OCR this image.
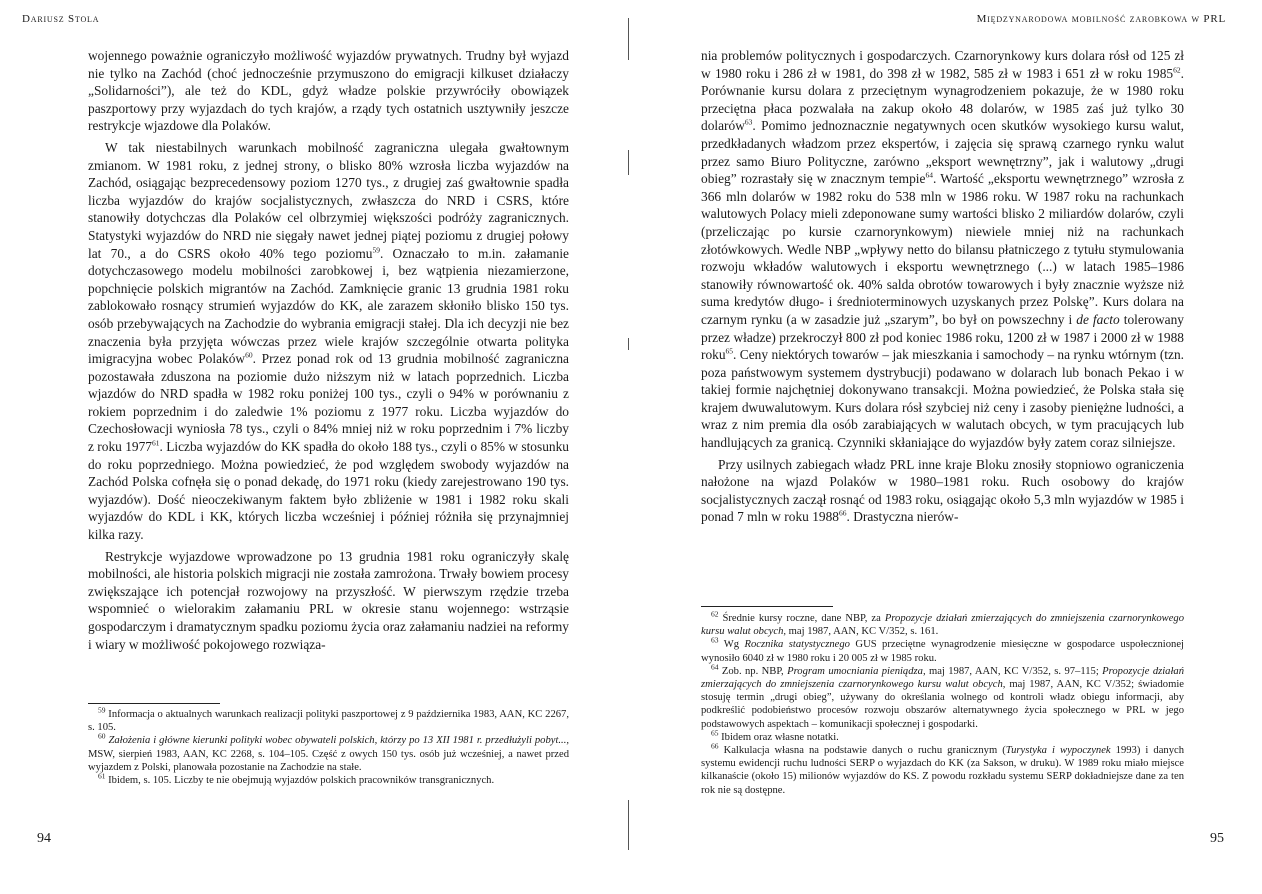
Dariusz Stola

wojennego poważnie ograniczyło możliwość wyjazdów prywatnych. Trudny był wyjazd nie tylko na Zachód (choć jednocześnie przymuszono do emigracji kilkuset działaczy „Solidarności”), ale też do KDL, gdyż władze polskie przywróciły obowiązek paszportowy przy wyjazdach do tych krajów, a rządy tych ostatnich usztywniły jeszcze restrykcje wjazdowe dla Polaków.

W tak niestabilnych warunkach mobilność zagraniczna ulegała gwałtownym zmianom. W 1981 roku, z jednej strony, o blisko 80% wzrosła liczba wyjazdów na Zachód, osiągając bezprecedensowy poziom 1270 tys., z drugiej zaś gwałtownie spadła liczba wyjazdów do krajów socjalistycznych, zwłaszcza do NRD i CSRS, które stanowiły dotychczas dla Polaków cel olbrzymiej większości podróży zagranicznych. Statystyki wyjazdów do NRD nie sięgały nawet jednej piątej poziomu z drugiej połowy lat 70., a do CSRS około 40% tego poziomu$^{59}$. Oznaczało to m.in. załamanie dotychczasowego modelu mobilności zarobkowej i, bez wątpienia niezamierzone, popchnięcie polskich migrantów na Zachód. Zamknięcie granic 13 grudnia 1981 roku zablokowało rosnący strumień wyjazdów do KK, ale zarazem skłoniło blisko 150 tys. osób przebywających na Zachodzie do wybrania emigracji stałej. Dla ich decyzji nie bez znaczenia była przyjęta wówczas przez wiele krajów szczególnie otwarta polityka imigracyjna wobec Polaków$^{60}$. Przez ponad rok od 13 grudnia mobilność zagraniczna pozostawała zduszona na poziomie dużo niższym niż w latach poprzednich. Liczba wjazdów do NRD spadła w 1982 roku poniżej 100 tys., czyli o 94% w porównaniu z rokiem poprzednim i do zaledwie 1% poziomu z 1977 roku. Liczba wyjazdów do Czechosłowacji wyniosła 78 tys., czyli o 84% mniej niż w roku poprzednim i 7% liczby z roku 1977$^{61}$. Liczba wyjazdów do KK spadła do około 188 tys., czyli o 85% w stosunku do roku poprzedniego. Można powiedzieć, że pod względem swobody wyjazdów na Zachód Polska cofnęła się o ponad dekadę, do 1971 roku (kiedy zarejestrowano 190 tys. wyjazdów). Dość nieoczekiwanym faktem było zbliżenie w 1981 i 1982 roku skali wyjazdów do KDL i KK, których liczba wcześniej i później różniła się przynajmniej kilka razy.

Restrykcje wyjazdowe wprowadzone po 13 grudnia 1981 roku ograniczyły skalę mobilności, ale historia polskich migracji nie została zamrożona. Trwały bowiem procesy zwiększające ich potencjał rozwojowy na przyszłość. W pierwszym rzędzie trzeba wspomnieć o wielorakim załamaniu PRL w okresie stanu wojennego: wstrząsie gospodarczym i dramatycznym spadku poziomu życia oraz załamaniu nadziei na reformy i wiary w możliwość pokojowego rozwiąza-

$^{59}$ Informacja o aktualnych warunkach realizacji polityki paszportowej z 9 października 1983, AAN, KC 2267, s. 105.

$^{60}$ Założenia i główne kierunki polityki wobec obywateli polskich, którzy po 13 XII 1981 r. przedłużyli pobyt..., MSW, sierpień 1983, AAN, KC 2268, s. 104–105. Część z owych 150 tys. osób już wcześniej, a nawet przed wyjazdem z Polski, planowała pozostanie na Zachodzie na stałe.

$^{61}$ Ibidem, s. 105. Liczby te nie obejmują wyjazdów polskich pracowników transgranicznych.

94
Międzynarodowa mobilność zarobkowa w PRL

nia problemów politycznych i gospodarczych. Czarnorynkowy kurs dolara rósł od 125 zł w 1980 roku i 286 zł w 1981, do 398 zł w 1982, 585 zł w 1983 i 651 zł w roku 1985$^{62}$. Porównanie kursu dolara z przeciętnym wynagrodzeniem pokazuje, że w 1980 roku przeciętna płaca pozwalała na zakup około 48 dolarów, w 1985 zaś już tylko 30 dolarów$^{63}$. Pomimo jednoznacznie negatywnych ocen skutków wysokiego kursu walut, przedkładanych władzom przez ekspertów, i zajęcia się sprawą czarnego rynku walut przez samo Biuro Polityczne, zarówno „eksport wewnętrzny”, jak i walutowy „drugi obieg” rozrastały się w znacznym tempie$^{64}$. Wartość „eksportu wewnętrznego” wzrosła z 366 mln dolarów w 1982 roku do 538 mln w 1986 roku. W 1987 roku na rachunkach walutowych Polacy mieli zdeponowane sumy wartości blisko 2 miliardów dolarów, czyli (przeliczając po kursie czarnorynkowym) niewiele mniej niż na rachunkach złotówkowych. Wedle NBP „wpływy netto do bilansu płatniczego z tytułu stymulowania rozwoju wkładów walutowych i eksportu wewnętrznego (...) w latach 1985–1986 stanowiły równowartość ok. 40% salda obrotów towarowych i były znacznie wyższe niż suma kredytów długo- i średnioterminowych uzyskanych przez Polskę”. Kurs dolara na czarnym rynku (a w zasadzie już „szarym”, bo był on powszechny i de facto tolerowany przez władze) przekroczył 800 zł pod koniec 1986 roku, 1200 zł w 1987 i 2000 zł w 1988 roku$^{65}$. Ceny niektórych towarów – jak mieszkania i samochody – na rynku wtórnym (tzn. poza państwowym systemem dystrybucji) podawano w dolarach lub bonach Pekao i w takiej formie najchętniej dokonywano transakcji. Można powiedzieć, że Polska stała się krajem dwuwalutowym. Kurs dolara rósł szybciej niż ceny i zasoby pieniężne ludności, a wraz z nim premia dla osób zarabiających w walutach obcych, w tym pracujących lub handlujących za granicą. Czynniki skłaniające do wyjazdów były zatem coraz silniejsze.

Przy usilnych zabiegach władz PRL inne kraje Bloku znosiły stopniowo ograniczenia nałożone na wjazd Polaków w 1980–1981 roku. Ruch osobowy do krajów socjalistycznych zaczął rosnąć od 1983 roku, osiągając około 5,3 mln wyjazdów w 1985 i ponad 7 mln w roku 1988$^{66}$. Drastyczna nierów-

$^{62}$ Średnie kursy roczne, dane NBP, za Propozycje działań zmierzających do zmniejszenia czarnorynkowego kursu walut obcych, maj 1987, AAN, KC V/352, s. 161.

$^{63}$ Wg Rocznika statystycznego GUS przeciętne wynagrodzenie miesięczne w gospodarce uspołecznionej wynosiło 6040 zł w 1980 roku i 20 005 zł w 1985 roku.

$^{64}$ Zob. np. NBP, Program umocniania pieniądza, maj 1987, AAN, KC V/352, s. 97–115; Propozycje działań zmierzających do zmniejszenia czarnorynkowego kursu walut obcych, maj 1987, AAN, KC V/352; świadomie stosuję termin „drugi obieg”, używany do określania wolnego od kontroli władz obiegu informacji, aby podkreślić podobieństwo procesów rozwoju obszarów alternatywnego życia społecznego w PRL w jego podstawowych aspektach – komunikacji społecznej i gospodarki.

$^{65}$ Ibidem oraz własne notatki.

$^{66}$ Kalkulacja własna na podstawie danych o ruchu granicznym (Turystyka i wypoczynek 1993) i danych systemu ewidencji ruchu ludności SERP o wyjazdach do KK (za Sakson, w druku). W 1989 roku miało miejsce kilkanaście (około 15) milionów wyjazdów do KS. Z powodu rozkładu systemu SERP dokładniejsze dane za ten rok nie są dostępne.

95
